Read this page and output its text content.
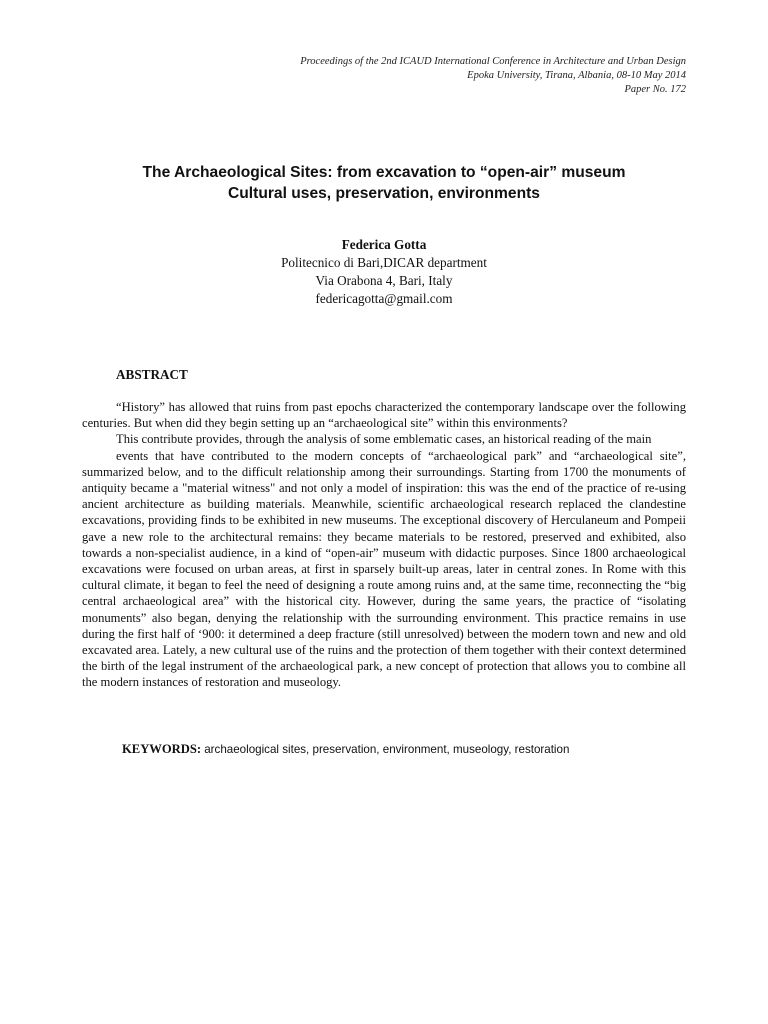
Proceedings of the 2nd ICAUD International Conference in Architecture and Urban Design
Epoka University, Tirana, Albania, 08-10 May 2014
Paper No. 172
The Archaeological Sites: from excavation to “open-air” museum
Cultural uses, preservation, environments
Federica Gotta
Politecnico di Bari,DICAR department
Via Orabona 4, Bari, Italy
federicagotta@gmail.com
ABSTRACT

“History” has allowed that ruins from past epochs characterized the contemporary landscape over the following centuries. But when did they begin setting up an “archaeological site” within this environments?

This contribute provides, through the analysis of some emblematic cases, an historical reading of the main

events that have contributed to the modern concepts of “archaeological park” and “archaeological site”, summarized below, and to the difficult relationship among their surroundings. Starting from 1700 the monuments of antiquity became a "material witness" and not only a model of inspiration: this was the end of the practice of re-using ancient architecture as building materials. Meanwhile, scientific archaeological research replaced the clandestine excavations, providing finds to be exhibited in new museums. The exceptional discovery of Herculaneum and Pompeii gave a new role to the architectural remains: they became materials to be restored, preserved and exhibited, also towards a non-specialist audience, in a kind of “open-air” museum with didactic purposes. Since 1800 archaeological excavations were focused on urban areas, at first in sparsely built-up areas, later in central zones. In Rome with this cultural climate, it began to feel the need of designing a route among ruins and, at the same time, reconnecting the “big central archaeological area” with the historical city. However, during the same years, the practice of “isolating monuments” also began, denying the relationship with the surrounding environment. This practice remains in use during the first half of ‘900: it determined a deep fracture (still unresolved) between the modern town and new and old excavated area. Lately, a new cultural use of the ruins and the protection of them together with their context determined the birth of the legal instrument of the archaeological park, a new concept of protection that allows you to combine all the modern instances of restoration and museology.

KEYWORDS: archaeological sites, preservation, environment, museology, restoration
